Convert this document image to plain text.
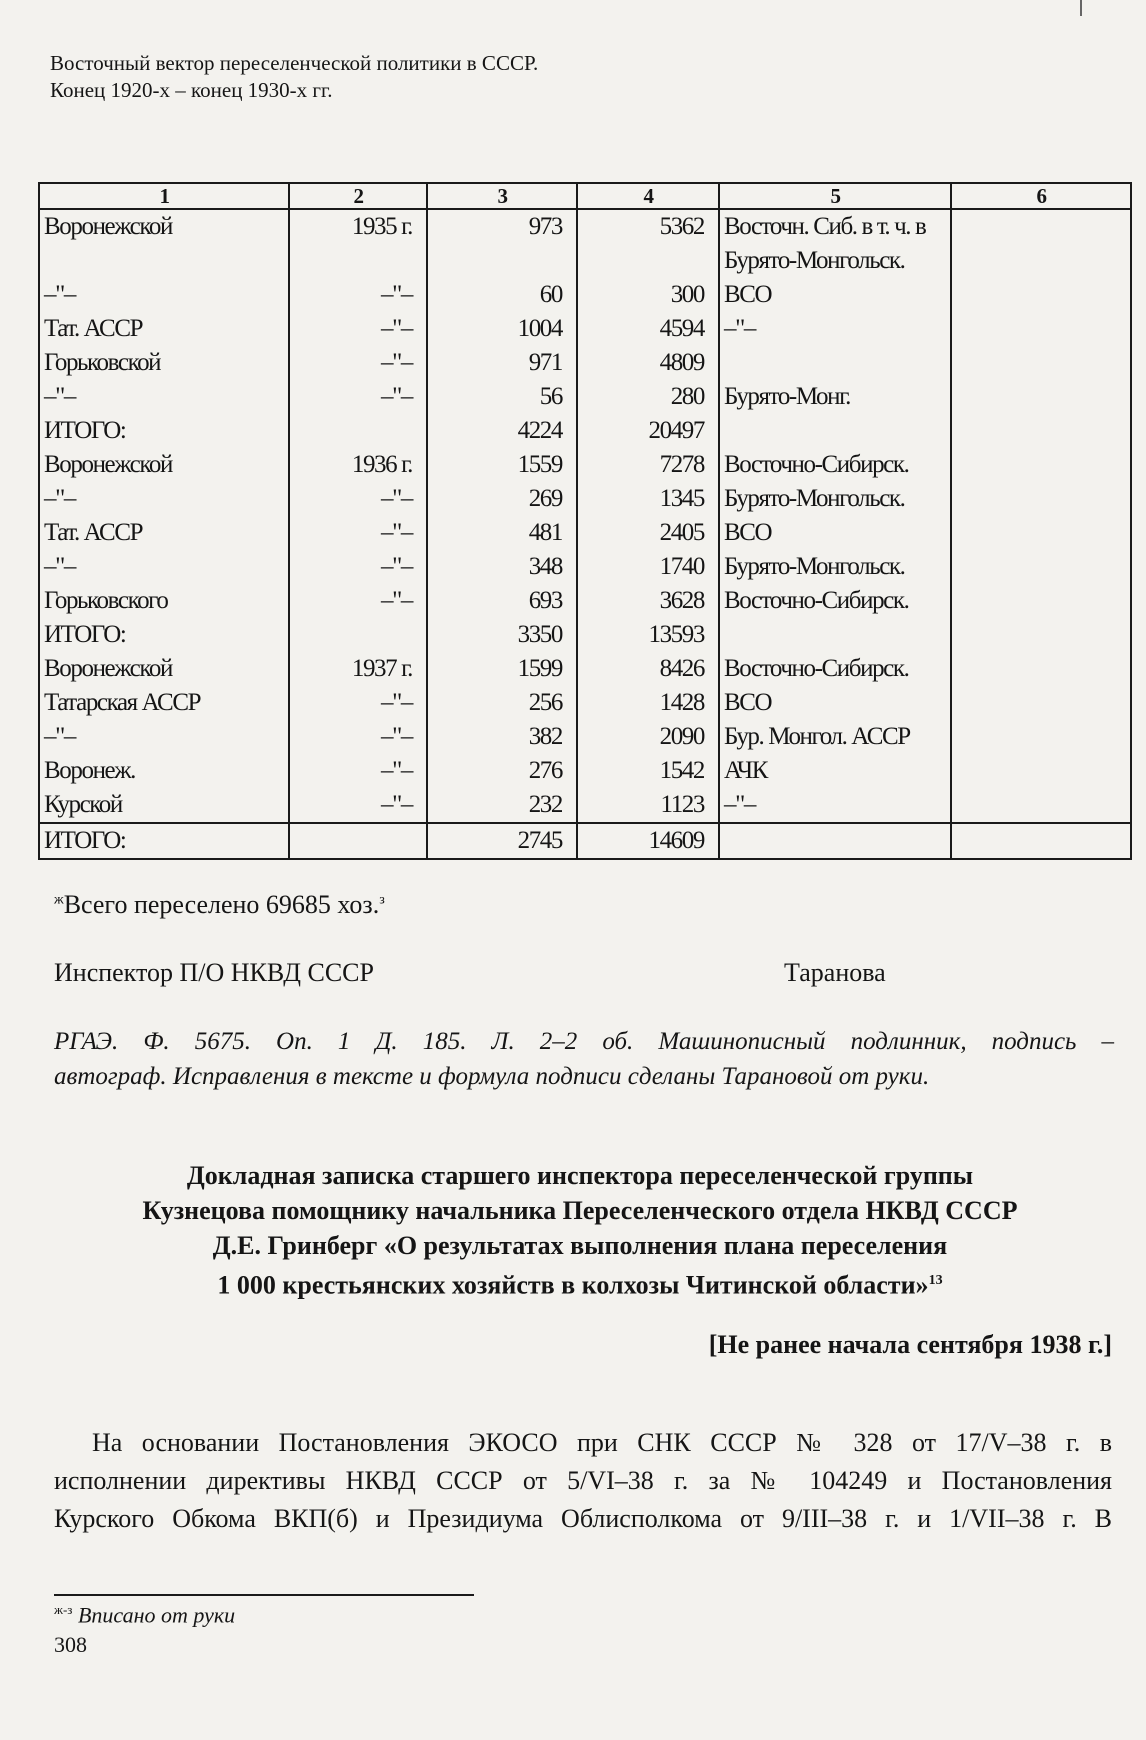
Восточный вектор переселенческой политики в СССР.
Конец 1920-х – конец 1930-х гг.
1	2	3	4	5	6
Воронежской	1935 г.	973	5362	Восточн. Сиб. в т. ч. в	
				Бурято-Монгольск.	
–"–	–"–	60	300	ВСО	
Тат. АССР	–"–	1004	4594	–"–	
Горьковской	–"–	971	4809		
–"–	–"–	56	280	Бурято-Монг.	
ИТОГО:		4224	20497		
Воронежской	1936 г.	1559	7278	Восточно-Сибирск.	
–"–	–"–	269	1345	Бурято-Монгольск.	
Тат. АССР	–"–	481	2405	ВСО	
–"–	–"–	348	1740	Бурято-Монгольск.	
Горьковского	–"–	693	3628	Восточно-Сибирск.	
ИТОГО:		3350	13593		
Воронежской	1937 г.	1599	8426	Восточно-Сибирск.	
Татарская АССР	–"–	256	1428	ВСО	
–"–	–"–	382	2090	Бур. Монгол. АССР	
Воронеж.	–"–	276	1542	АЧК	
Курской	–"–	232	1123	–"–	
ИТОГО:		2745	14609		
$^ж$Всего переселено 69685 хоз.$^з$
Инспектор П/О НКВД СССР	Таранова
РГАЭ. Ф. 5675. Оп. 1 Д. 185. Л. 2–2 об. Машинописный подлинник, подпись –
автограф. Исправления в тексте и формула подписи сделаны Тарановой от руки.
Докладная записка старшего инспектора переселенческой группы
Кузнецова помощнику начальника Переселенческого отдела НКВД СССР
Д.Е. Гринберг «О результатах выполнения плана переселения
1 000 крестьянских хозяйств в колхозы Читинской области»$^{13}$
[Не ранее начала сентября 1938 г.]
На основании Постановления ЭКОСО при СНК СССР № 328 от 17/V–38 г. в
исполнении директивы НКВД СССР от 5/VI–38 г. за № 104249 и Постановления
Курского Обкома ВКП(б) и Президиума Облисполкома от 9/III–38 г. и 1/VII–38 г. В
$^{ж-з}$ Вписано от руки
308
